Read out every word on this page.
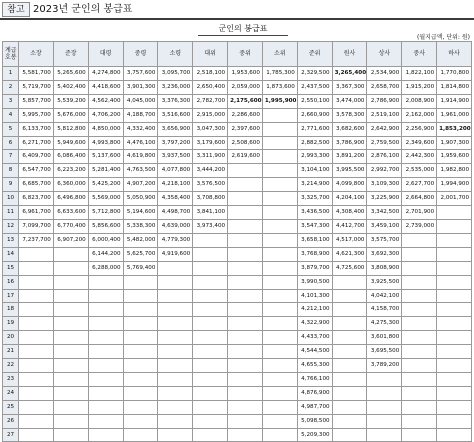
참고 2023년 군인의 봉급표
군인의 봉급표
(월지급액, 단위: 원)
계급
호봉	소장	준장	대령	중령	소령	대위	중위	소위	준위	원사	상사	중사	하사
1	5,581,700	5,265,600	4,274,800	3,757,600	3,095,700	2,518,100	1,953,600	1,785,300	2,329,500	3,265,400	2,534,900	1,822,100	1,770,800
2	5,719,700	5,402,400	4,418,600	3,901,300	3,236,000	2,650,400	2,059,000	1,873,600	2,437,500	3,367,300	2,658,700	1,915,200	1,814,800
3	5,857,700	5,539,200	4,562,400	4,045,000	3,376,300	2,782,700	2,175,600	1,995,900	2,550,100	3,474,000	2,786,900	2,008,900	1,914,900
4	5,995,700	5,676,000	4,706,200	4,188,700	3,516,600	2,915,000	2,286,600		2,660,900	3,578,300	2,519,100	2,162,000	1,961,000
5	6,133,700	5,812,800	4,850,000	4,332,400	3,656,900	3,047,300	2,397,600		2,771,600	3,682,600	2,642,900	2,256,900	1,853,200
6	6,271,700	5,949,600	4,993,800	4,476,100	3,797,200	3,179,600	2,508,600		2,882,500	3,786,900	2,759,500	2,349,600	1,907,300
7	6,409,700	6,086,400	5,137,600	4,619,800	3,937,500	3,311,900	2,619,600		2,993,300	3,891,200	2,876,100	2,442,300	1,959,600
8	6,547,700	6,223,200	5,281,400	4,763,500	4,077,800	3,444,200			3,104,100	3,995,500	2,992,700	2,535,000	1,982,800
9	6,685,700	6,360,000	5,425,200	4,907,200	4,218,100	3,576,500			3,214,900	4,099,800	3,109,300	2,627,700	1,994,900
10	6,823,700	6,496,800	5,569,000	5,050,900	4,358,400	3,708,800			3,325,700	4,204,100	3,225,900	2,664,800	2,001,700
11	6,961,700	6,633,600	5,712,800	5,194,600	4,498,700	3,841,100			3,436,500	4,308,400	3,342,500	2,701,900	
12	7,099,700	6,770,400	5,856,600	5,338,300	4,639,000	3,973,400			3,547,300	4,412,700	3,459,100	2,739,000	
13	7,237,700	6,907,200	6,000,400	5,482,000	4,779,300				3,658,100	4,517,000	3,575,700		
14			6,144,200	5,625,700	4,919,600				3,768,900	4,621,300	3,692,300		
15			6,288,000	5,769,400					3,879,700	4,725,600	3,808,900		
16									3,990,500		3,925,500		
17									4,101,300		4,042,100		
18									4,212,100		4,158,700		
19									4,322,900		4,275,300		
20									4,433,700		3,601,800		
21									4,544,500		3,695,500		
22									4,655,300		3,789,200		
23									4,766,100				
24									4,876,900				
25									4,987,700				
26									5,098,500				
27									5,209,300				
